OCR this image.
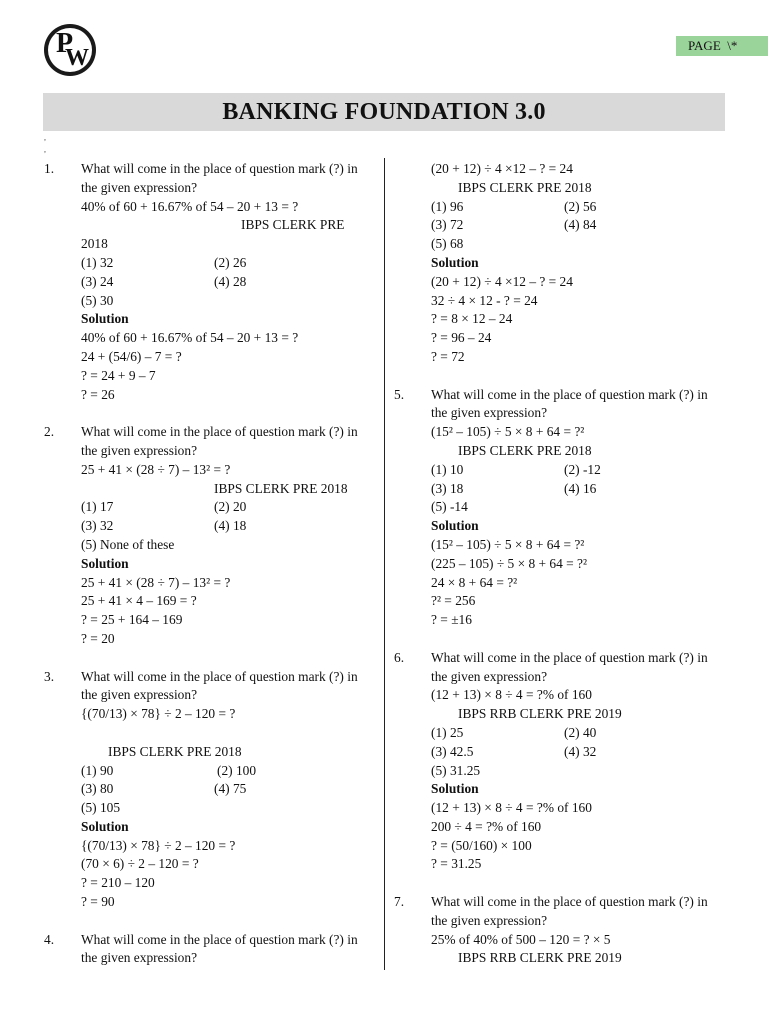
P
W	PAGE  \*
BANKING FOUNDATION 3.0
,
,
1. What will come in the place of question mark (?) in
the given expression?
40% of 60 + 16.67% of 54 – 20 + 13 = ?
IBPS CLERK PRE
2018
(1) 32	(2) 26
(3) 24	(4) 28
(5) 30
Solution
40% of 60 + 16.67% of 54 – 20 + 13 = ?
24 + (54/6) – 7 = ?
? = 24 + 9 – 7
? = 26
2. What will come in the place of question mark (?) in
the given expression?
25 + 41 × (28 ÷ 7) – 13² = ?
IBPS CLERK PRE 2018
(1) 17	(2) 20
(3) 32	(4) 18
(5) None of these
Solution
25 + 41 × (28 ÷ 7) – 13² = ?
25 + 41 × 4 – 169 = ?
? = 25 + 164 – 169
? = 20
3. What will come in the place of question mark (?) in
the given expression?
{(70/13) × 78} ÷ 2 – 120 = ?
IBPS CLERK PRE 2018
(1) 90	(2) 100
(3) 80	(4) 75
(5) 105
Solution
{(70/13) × 78} ÷ 2 – 120 = ?
(70 × 6) ÷ 2 – 120 = ?
? = 210 – 120
? = 90
4. What will come in the place of question mark (?) in
the given expression?
(20 + 12) ÷ 4 ×12 – ? = 24
IBPS CLERK PRE 2018
(1) 96	(2) 56
(3) 72	(4) 84
(5) 68
Solution
(20 + 12) ÷ 4 ×12 – ? = 24
32 ÷ 4 × 12 - ? = 24
? = 8 × 12 – 24
? = 96 – 24
? = 72
5. What will come in the place of question mark (?) in
the given expression?
(15² – 105) ÷ 5 × 8 + 64 = ?²
IBPS CLERK PRE 2018
(1) 10	(2) -12
(3) 18	(4) 16
(5) -14
Solution
(15² – 105) ÷ 5 × 8 + 64 = ?²
(225 – 105) ÷ 5 × 8 + 64 = ?²
24 × 8 + 64 = ?²
?² = 256
? = ±16
6. What will come in the place of question mark (?) in
the given expression?
(12 + 13) × 8 ÷ 4 = ?% of 160
IBPS RRB CLERK PRE 2019
(1) 25	(2) 40
(3) 42.5	(4) 32
(5) 31.25
Solution
(12 + 13) × 8 ÷ 4 = ?% of 160
200 ÷ 4 = ?% of 160
? = (50/160) × 100
? = 31.25
7. What will come in the place of question mark (?) in
the given expression?
25% of 40% of 500 – 120 = ? × 5
IBPS RRB CLERK PRE 2019
